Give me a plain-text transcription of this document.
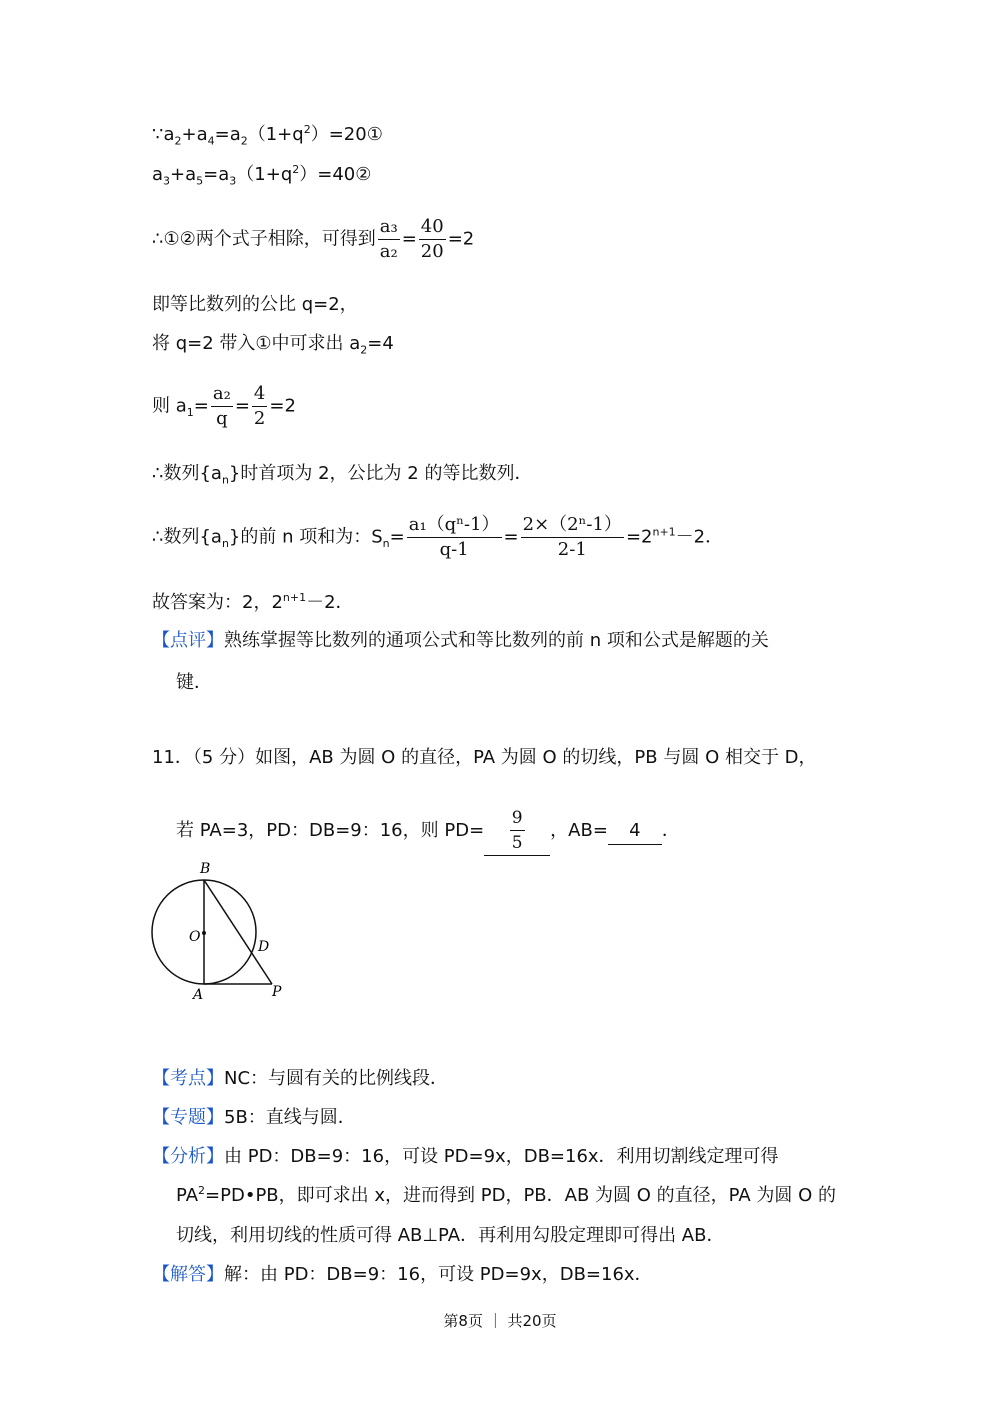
$\because a_2+a_4=a_2(1+q^2)=20①$
$a_3+a_5=a_3(1+q^2)=40②$
∴①②两个式子相除，可得到 $\frac{\text{a₃}}{\text{a₂}} = \frac{40}{20} =2$
即等比数列的公比 q=2，
将 q=2 带入①中可求出 $a_2=4$
则 $a_1= \frac{\text{a₂}}{q} = \frac{4}{2} =2$
∴数列$\{a_n\}$时首项为 2，公比为 2 的等比数列．
∴数列$\{a_n\}$的前 n 项和为：$S_n= \frac{\text{a₁（qⁿ-1）}}{q-1} = \frac{\text{2×（2ⁿ-1）}}{2-1} =2^{n+1}-2$．
故答案为：2，$2^{n+1}-2$．
【点评】熟练掌握等比数列的通项公式和等比数列的前 n 项和公式是解题的关
键．
11．（5 分）如图，AB 为圆 O 的直径，PA 为圆 O 的切线，PB 与圆 O 相交于 D，
若 PA=3，PD：DB=9：16，则 $PD= \frac{9}{5}$ ，AB= 4 ．
B
O
D
A	P
【考点】NC：与圆有关的比例线段．
【专题】5B：直线与圆．
【分析】由 PD：DB=9：16，可设 PD=9x，DB=16x．利用切割线定理可得
$PA^2=PD•PB$，即可求出 x，进而得到 PD，PB．AB 为圆 O 的直径，PA 为圆 O 的
切线，利用切线的性质可得 AB⊥PA．再利用勾股定理即可得出 AB．
【解答】解：由 PD：DB=9：16，可设 PD=9x，DB=16x．
第8页 ｜ 共20页
